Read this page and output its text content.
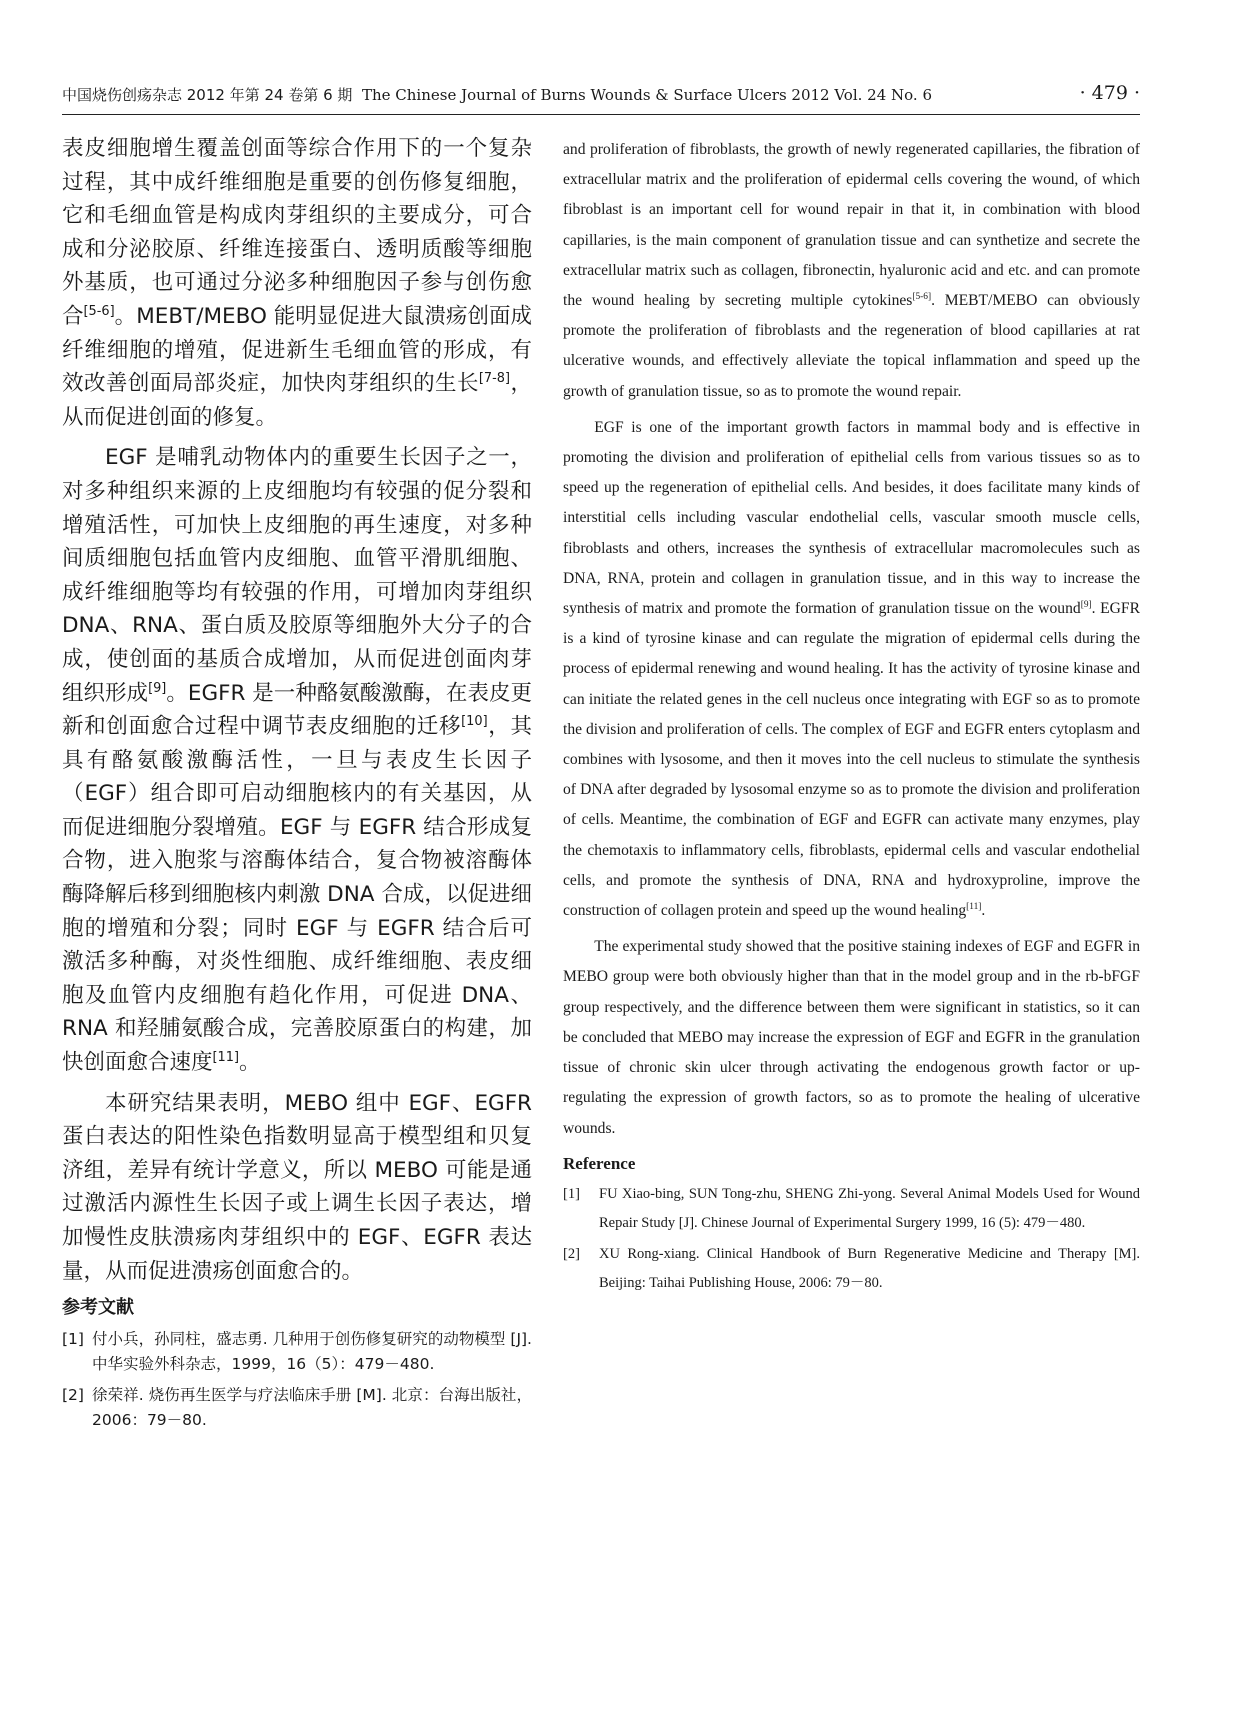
中国烧伤创疡杂志 2012 年第 24 卷第 6 期 The Chinese Journal of Burns Wounds & Surface Ulcers 2012 Vol. 24 No. 6	· 479 ·

表皮细胞增生覆盖创面等综合作用下的一个复杂过程，其中成纤维细胞是重要的创伤修复细胞，它和毛细血管是构成肉芽组织的主要成分，可合成和分泌胶原、纤维连接蛋白、透明质酸等细胞外基质，也可通过分泌多种细胞因子参与创伤愈合[5-6]。MEBT/MEBO 能明显促进大鼠溃疡创面成纤维细胞的增殖，促进新生毛细血管的形成，有效改善创面局部炎症，加快肉芽组织的生长[7-8]，从而促进创面的修复。

EGF 是哺乳动物体内的重要生长因子之一，对多种组织来源的上皮细胞均有较强的促分裂和增殖活性，可加快上皮细胞的再生速度，对多种间质细胞包括血管内皮细胞、血管平滑肌细胞、成纤维细胞等均有较强的作用，可增加肉芽组织 DNA、RNA、蛋白质及胶原等细胞外大分子的合成，使创面的基质合成增加，从而促进创面肉芽组织形成[9]。EGFR 是一种酪氨酸激酶，在表皮更新和创面愈合过程中调节表皮细胞的迁移[10]，其具有酪氨酸激酶活性，一旦与表皮生长因子（EGF）组合即可启动细胞核内的有关基因，从而促进细胞分裂增殖。EGF 与 EGFR 结合形成复合物，进入胞浆与溶酶体结合，复合物被溶酶体酶降解后移到细胞核内刺激 DNA 合成，以促进细胞的增殖和分裂；同时 EGF 与 EGFR 结合后可激活多种酶，对炎性细胞、成纤维细胞、表皮细胞及血管内皮细胞有趋化作用，可促进 DNA、RNA 和羟脯氨酸合成，完善胶原蛋白的构建，加快创面愈合速度[11]。

本研究结果表明，MEBO 组中 EGF、EGFR 蛋白表达的阳性染色指数明显高于模型组和贝复济组，差异有统计学意义，所以 MEBO 可能是通过激活内源性生长因子或上调生长因子表达，增加慢性皮肤溃疡肉芽组织中的 EGF、EGFR 表达量，从而促进溃疡创面愈合的。

参考文献
[1] 付小兵，孙同柱，盛志勇. 几种用于创伤修复研究的动物模型 [J]. 中华实验外科杂志，1999，16（5）：479－480.
[2] 徐荣祥. 烧伤再生医学与疗法临床手册 [M]. 北京：台海出版社，2006：79－80.

and proliferation of fibroblasts, the growth of newly regenerated capillaries, the fibration of extracellular matrix and the proliferation of epidermal cells covering the wound, of which fibroblast is an important cell for wound repair in that it, in combination with blood capillaries, is the main component of granulation tissue and can synthetize and secrete the extracellular matrix such as collagen, fibronectin, hyaluronic acid and etc. and can promote the wound healing by secreting multiple cytokines[5-6]. MEBT/MEBO can obviously promote the proliferation of fibroblasts and the regeneration of blood capillaries at rat ulcerative wounds, and effectively alleviate the topical inflammation and speed up the growth of granulation tissue, so as to promote the wound repair.

EGF is one of the important growth factors in mammal body and is effective in promoting the division and proliferation of epithelial cells from various tissues so as to speed up the regeneration of epithelial cells. And besides, it does facilitate many kinds of interstitial cells including vascular endothelial cells, vascular smooth muscle cells, fibroblasts and others, increases the synthesis of extracellular macromolecules such as DNA, RNA, protein and collagen in granulation tissue, and in this way to increase the synthesis of matrix and promote the formation of granulation tissue on the wound[9]. EGFR is a kind of tyrosine kinase and can regulate the migration of epidermal cells during the process of epidermal renewing and wound healing. It has the activity of tyrosine kinase and can initiate the related genes in the cell nucleus once integrating with EGF so as to promote the division and proliferation of cells. The complex of EGF and EGFR enters cytoplasm and combines with lysosome, and then it moves into the cell nucleus to stimulate the synthesis of DNA after degraded by lysosomal enzyme so as to promote the division and proliferation of cells. Meantime, the combination of EGF and EGFR can activate many enzymes, play the chemotaxis to inflammatory cells, fibroblasts, epidermal cells and vascular endothelial cells, and promote the synthesis of DNA, RNA and hydroxyproline, improve the construction of collagen protein and speed up the wound healing[11].

The experimental study showed that the positive staining indexes of EGF and EGFR in MEBO group were both obviously higher than that in the model group and in the rb-bFGF group respectively, and the difference between them were significant in statistics, so it can be concluded that MEBO may increase the expression of EGF and EGFR in the granulation tissue of chronic skin ulcer through activating the endogenous growth factor or up-regulating the expression of growth factors, so as to promote the healing of ulcerative wounds.

Reference
[1] FU Xiao-bing, SUN Tong-zhu, SHENG Zhi-yong. Several Animal Models Used for Wound Repair Study [J]. Chinese Journal of Experimental Surgery 1999, 16 (5): 479－480.
[2] XU Rong-xiang. Clinical Handbook of Burn Regenerative Medicine and Therapy [M]. Beijing: Taihai Publishing House, 2006: 79－80.
